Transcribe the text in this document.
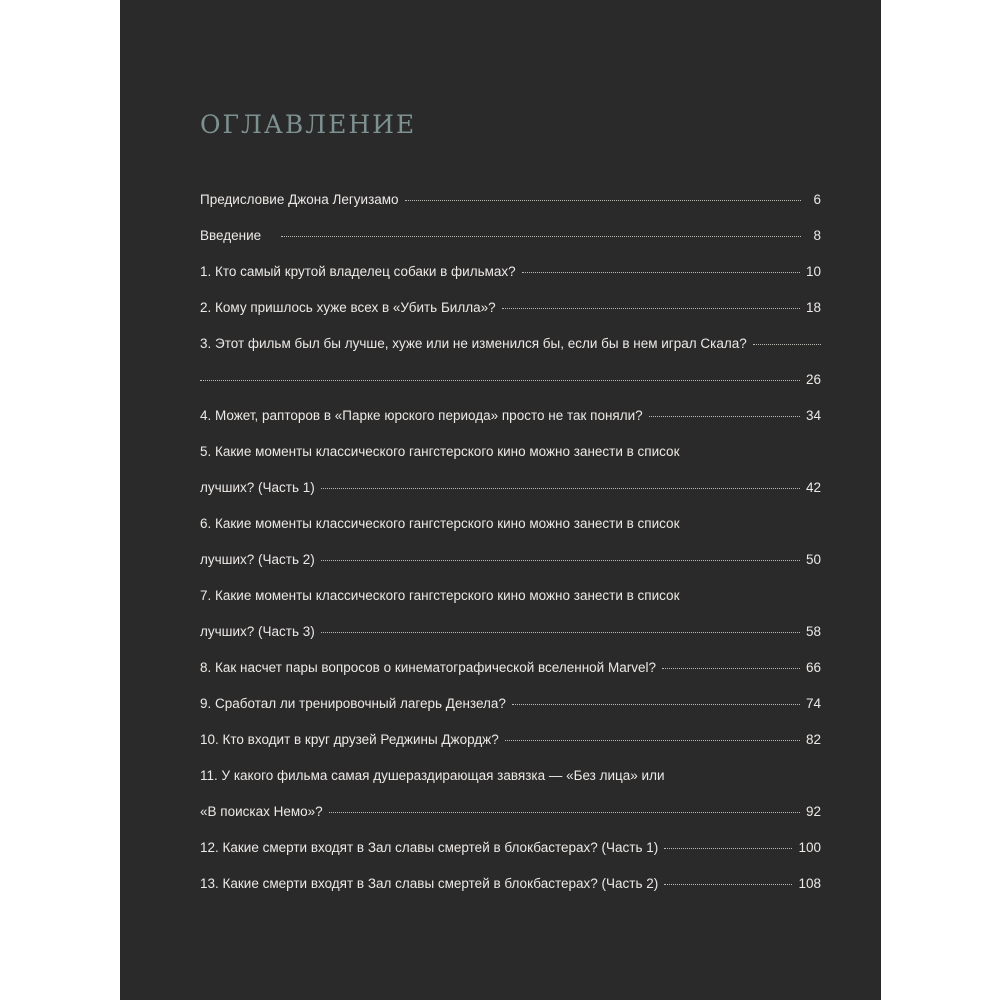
ОГЛАВЛЕНИЕ
Предисловие Джона Легуизамо	6
Введение	8
1. Кто самый крутой владелец собаки в фильмах?	10
2. Кому пришлось хуже всех в «Убить Билла»?	18
3. Этот фильм был бы лучше, хуже или не изменился бы, если бы в нем играл Скала?
26
4. Может, рапторов в «Парке юрского периода» просто не так поняли?	34
5. Какие моменты классического гангстерского кино можно занести в список
лучших? (Часть 1)	42
6. Какие моменты классического гангстерского кино можно занести в список
лучших? (Часть 2)	50
7. Какие моменты классического гангстерского кино можно занести в список
лучших? (Часть 3)	58
8. Как насчет пары вопросов о кинематографической вселенной Marvel?	66
9. Сработал ли тренировочный лагерь Дензела?	74
10. Кто входит в круг друзей Реджины Джордж?	82
11. У какого фильма самая душераздирающая завязка — «Без лица» или
«В поисках Немо»?	92
12. Какие смерти входят в Зал славы смертей в блокбастерах? (Часть 1)	100
13. Какие смерти входят в Зал славы смертей в блокбастерах? (Часть 2)	108
